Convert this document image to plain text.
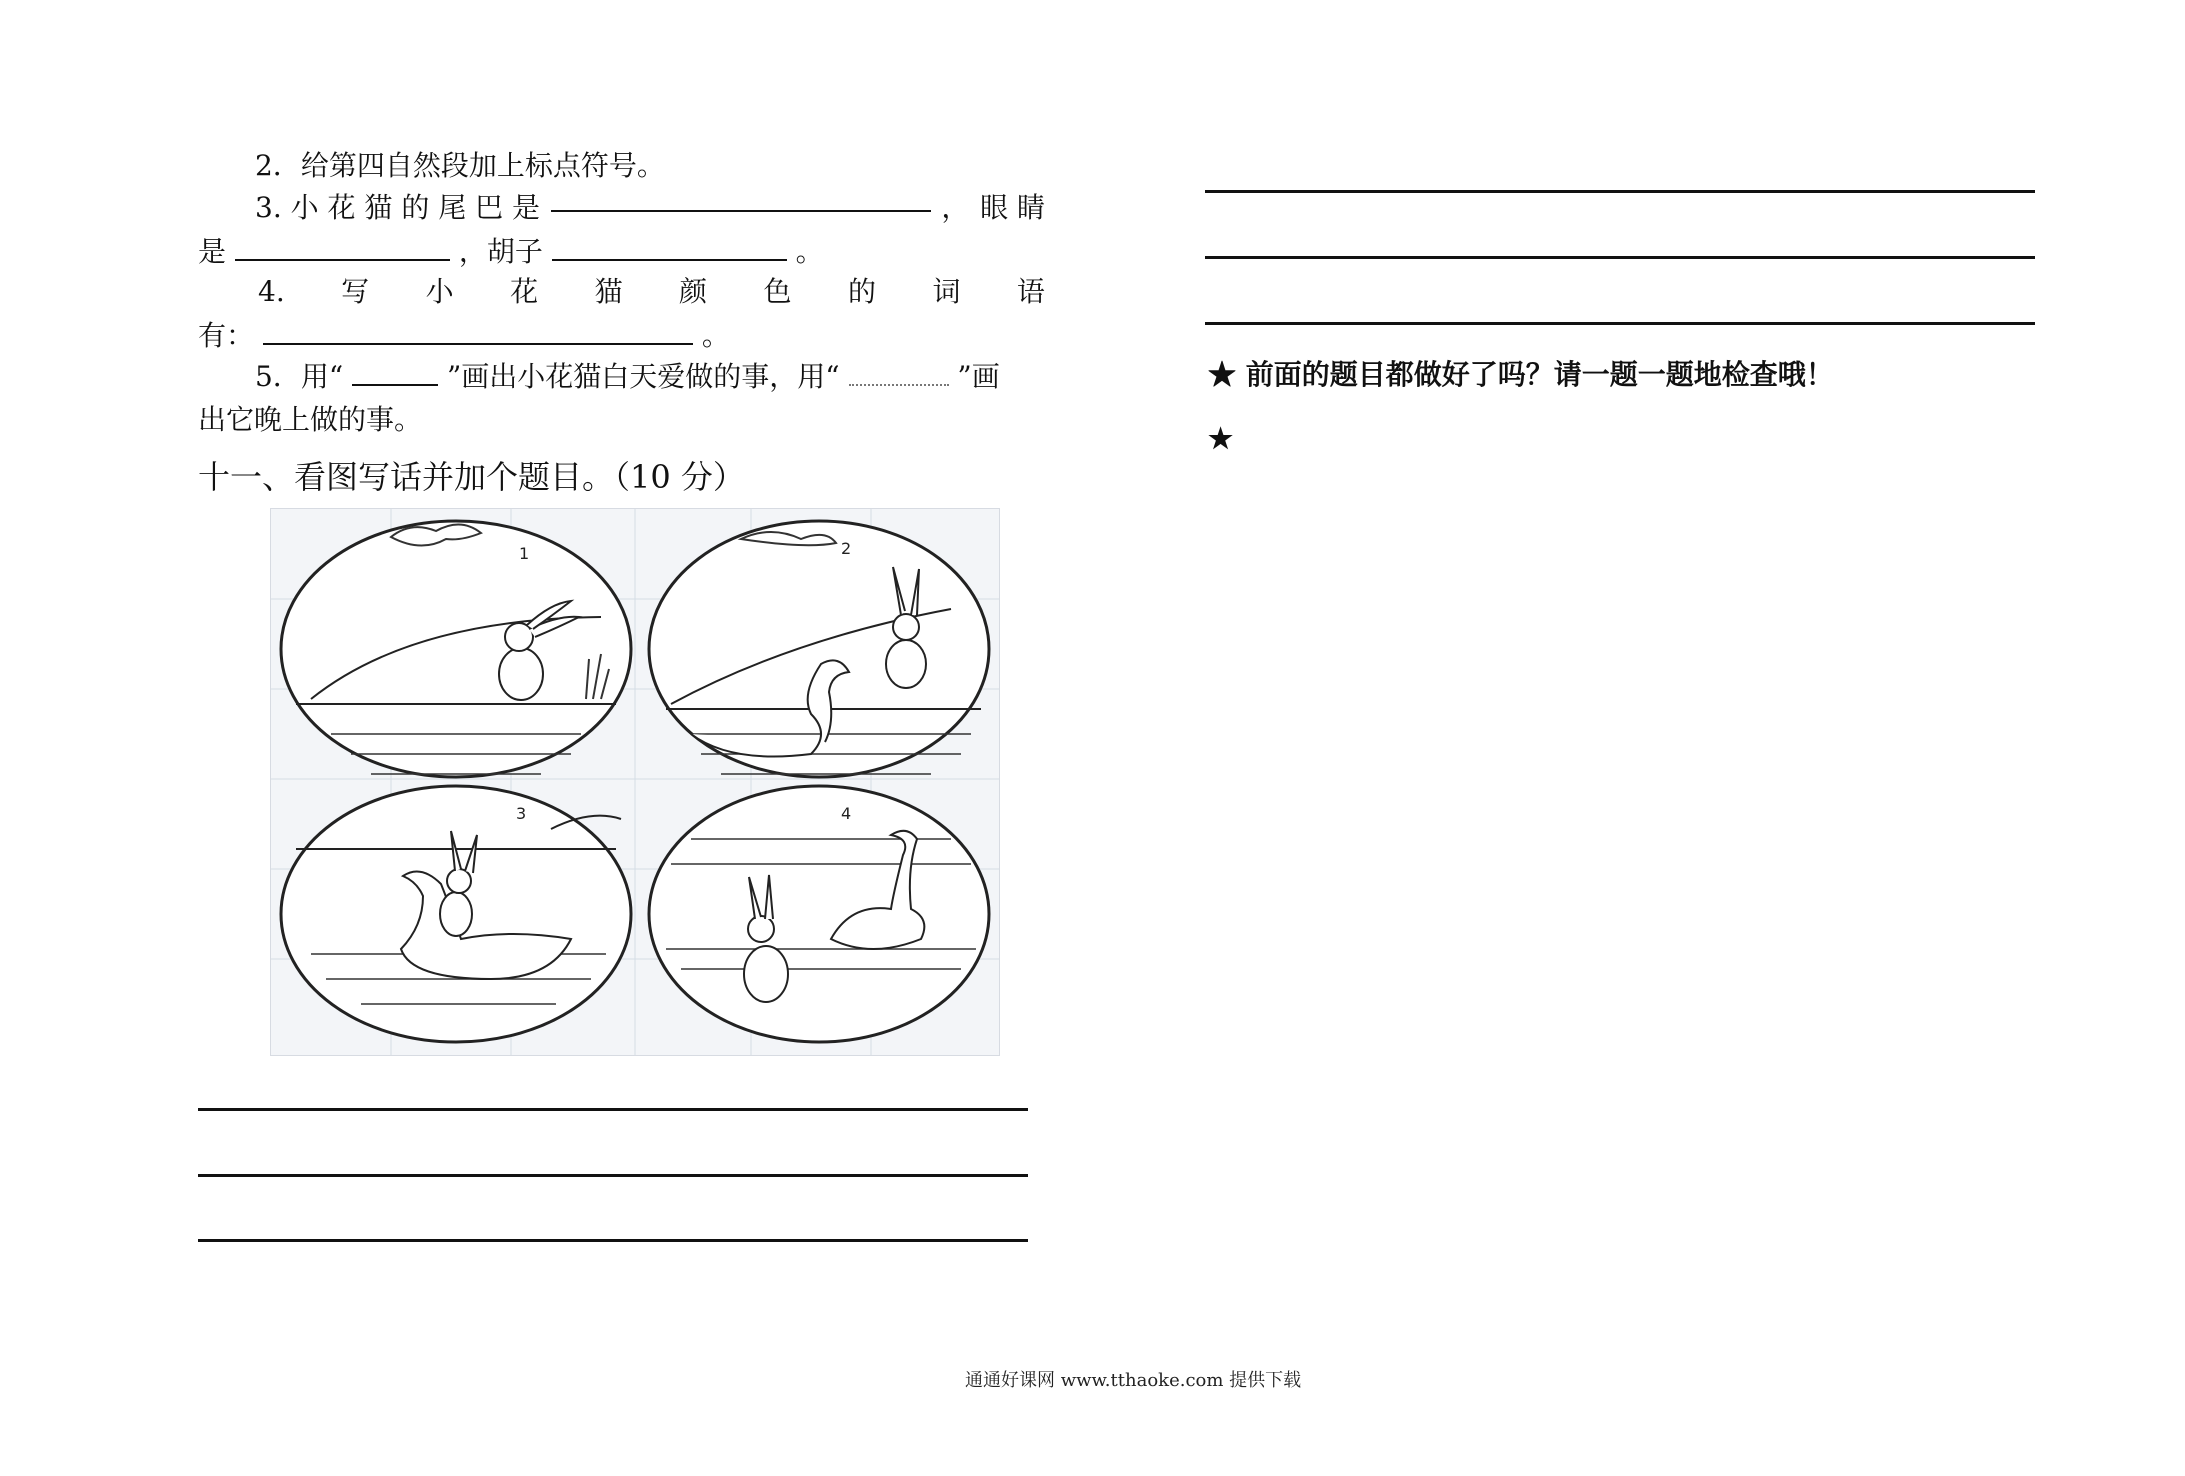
2．给第四自然段加上标点符号。
3. 小 花 猫 的 尾 巴 是	， 眼 睛
是	，胡子	。
4. 写 小 花 猫 颜 色 的 词 语
有：	。
5．用“	”画出小花猫白天爱做的事，用“	”画
出它晚上做的事。
十一、看图写话并加个题目。（10 分）
1	2
3	4
★ 前面的题目都做好了吗？请一题一题地检查哦！
★
通通好课网 www.tthaoke.com 提供下载
